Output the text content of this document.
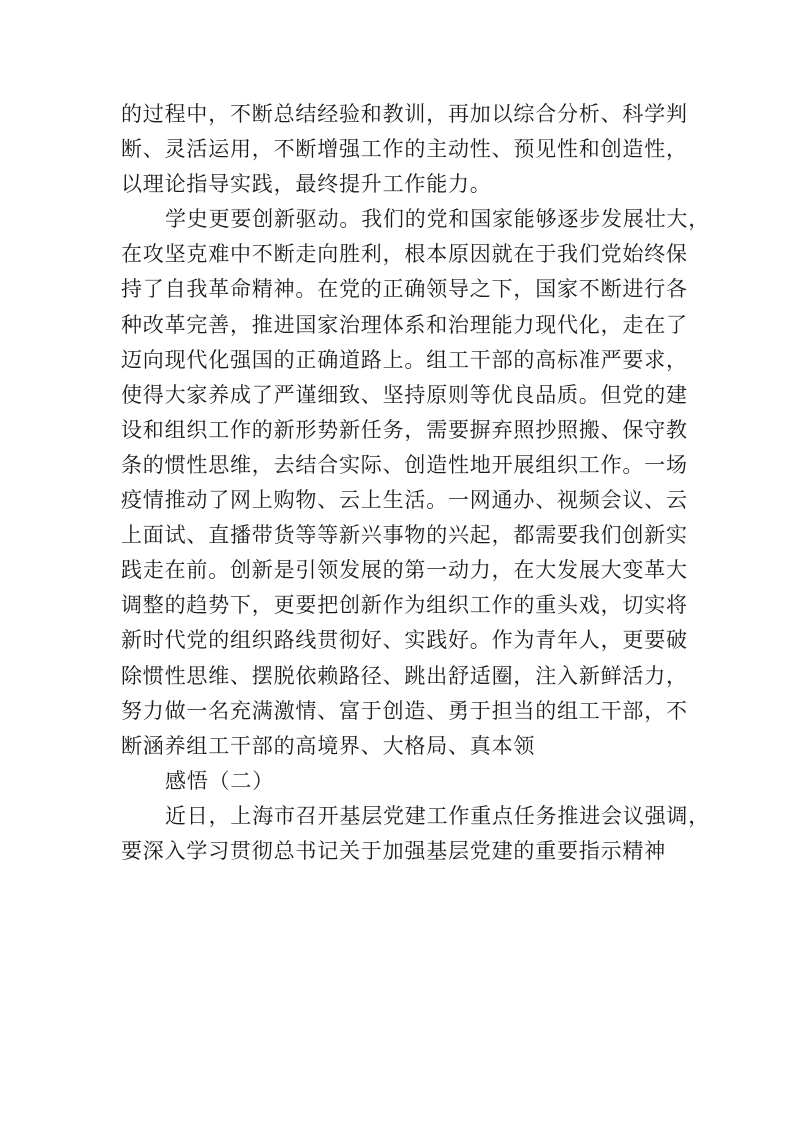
的过程中，不断总结经验和教训，再加以综合分析、科学判
断、灵活运用，不断增强工作的主动性、预见性和创造性，
以理论指导实践，最终提升工作能力。
学史更要创新驱动。我们的党和国家能够逐步发展壮大，
在攻坚克难中不断走向胜利，根本原因就在于我们党始终保
持了自我革命精神。在党的正确领导之下，国家不断进行各
种改革完善，推进国家治理体系和治理能力现代化，走在了
迈向现代化强国的正确道路上。组工干部的高标准严要求，
使得大家养成了严谨细致、坚持原则等优良品质。但党的建
设和组织工作的新形势新任务，需要摒弃照抄照搬、保守教
条的惯性思维，去结合实际、创造性地开展组织工作。一场
疫情推动了网上购物、云上生活。一网通办、视频会议、云
上面试、直播带货等等新兴事物的兴起，都需要我们创新实
践走在前。创新是引领发展的第一动力，在大发展大变革大
调整的趋势下，更要把创新作为组织工作的重头戏，切实将
新时代党的组织路线贯彻好、实践好。作为青年人，更要破
除惯性思维、摆脱依赖路径、跳出舒适圈，注入新鲜活力，
努力做一名充满激情、富于创造、勇于担当的组工干部，不
断涵养组工干部的高境界、大格局、真本领
感悟（二）
近日，上海市召开基层党建工作重点任务推进会议强调，
要深入学习贯彻总书记关于加强基层党建的重要指示精神
